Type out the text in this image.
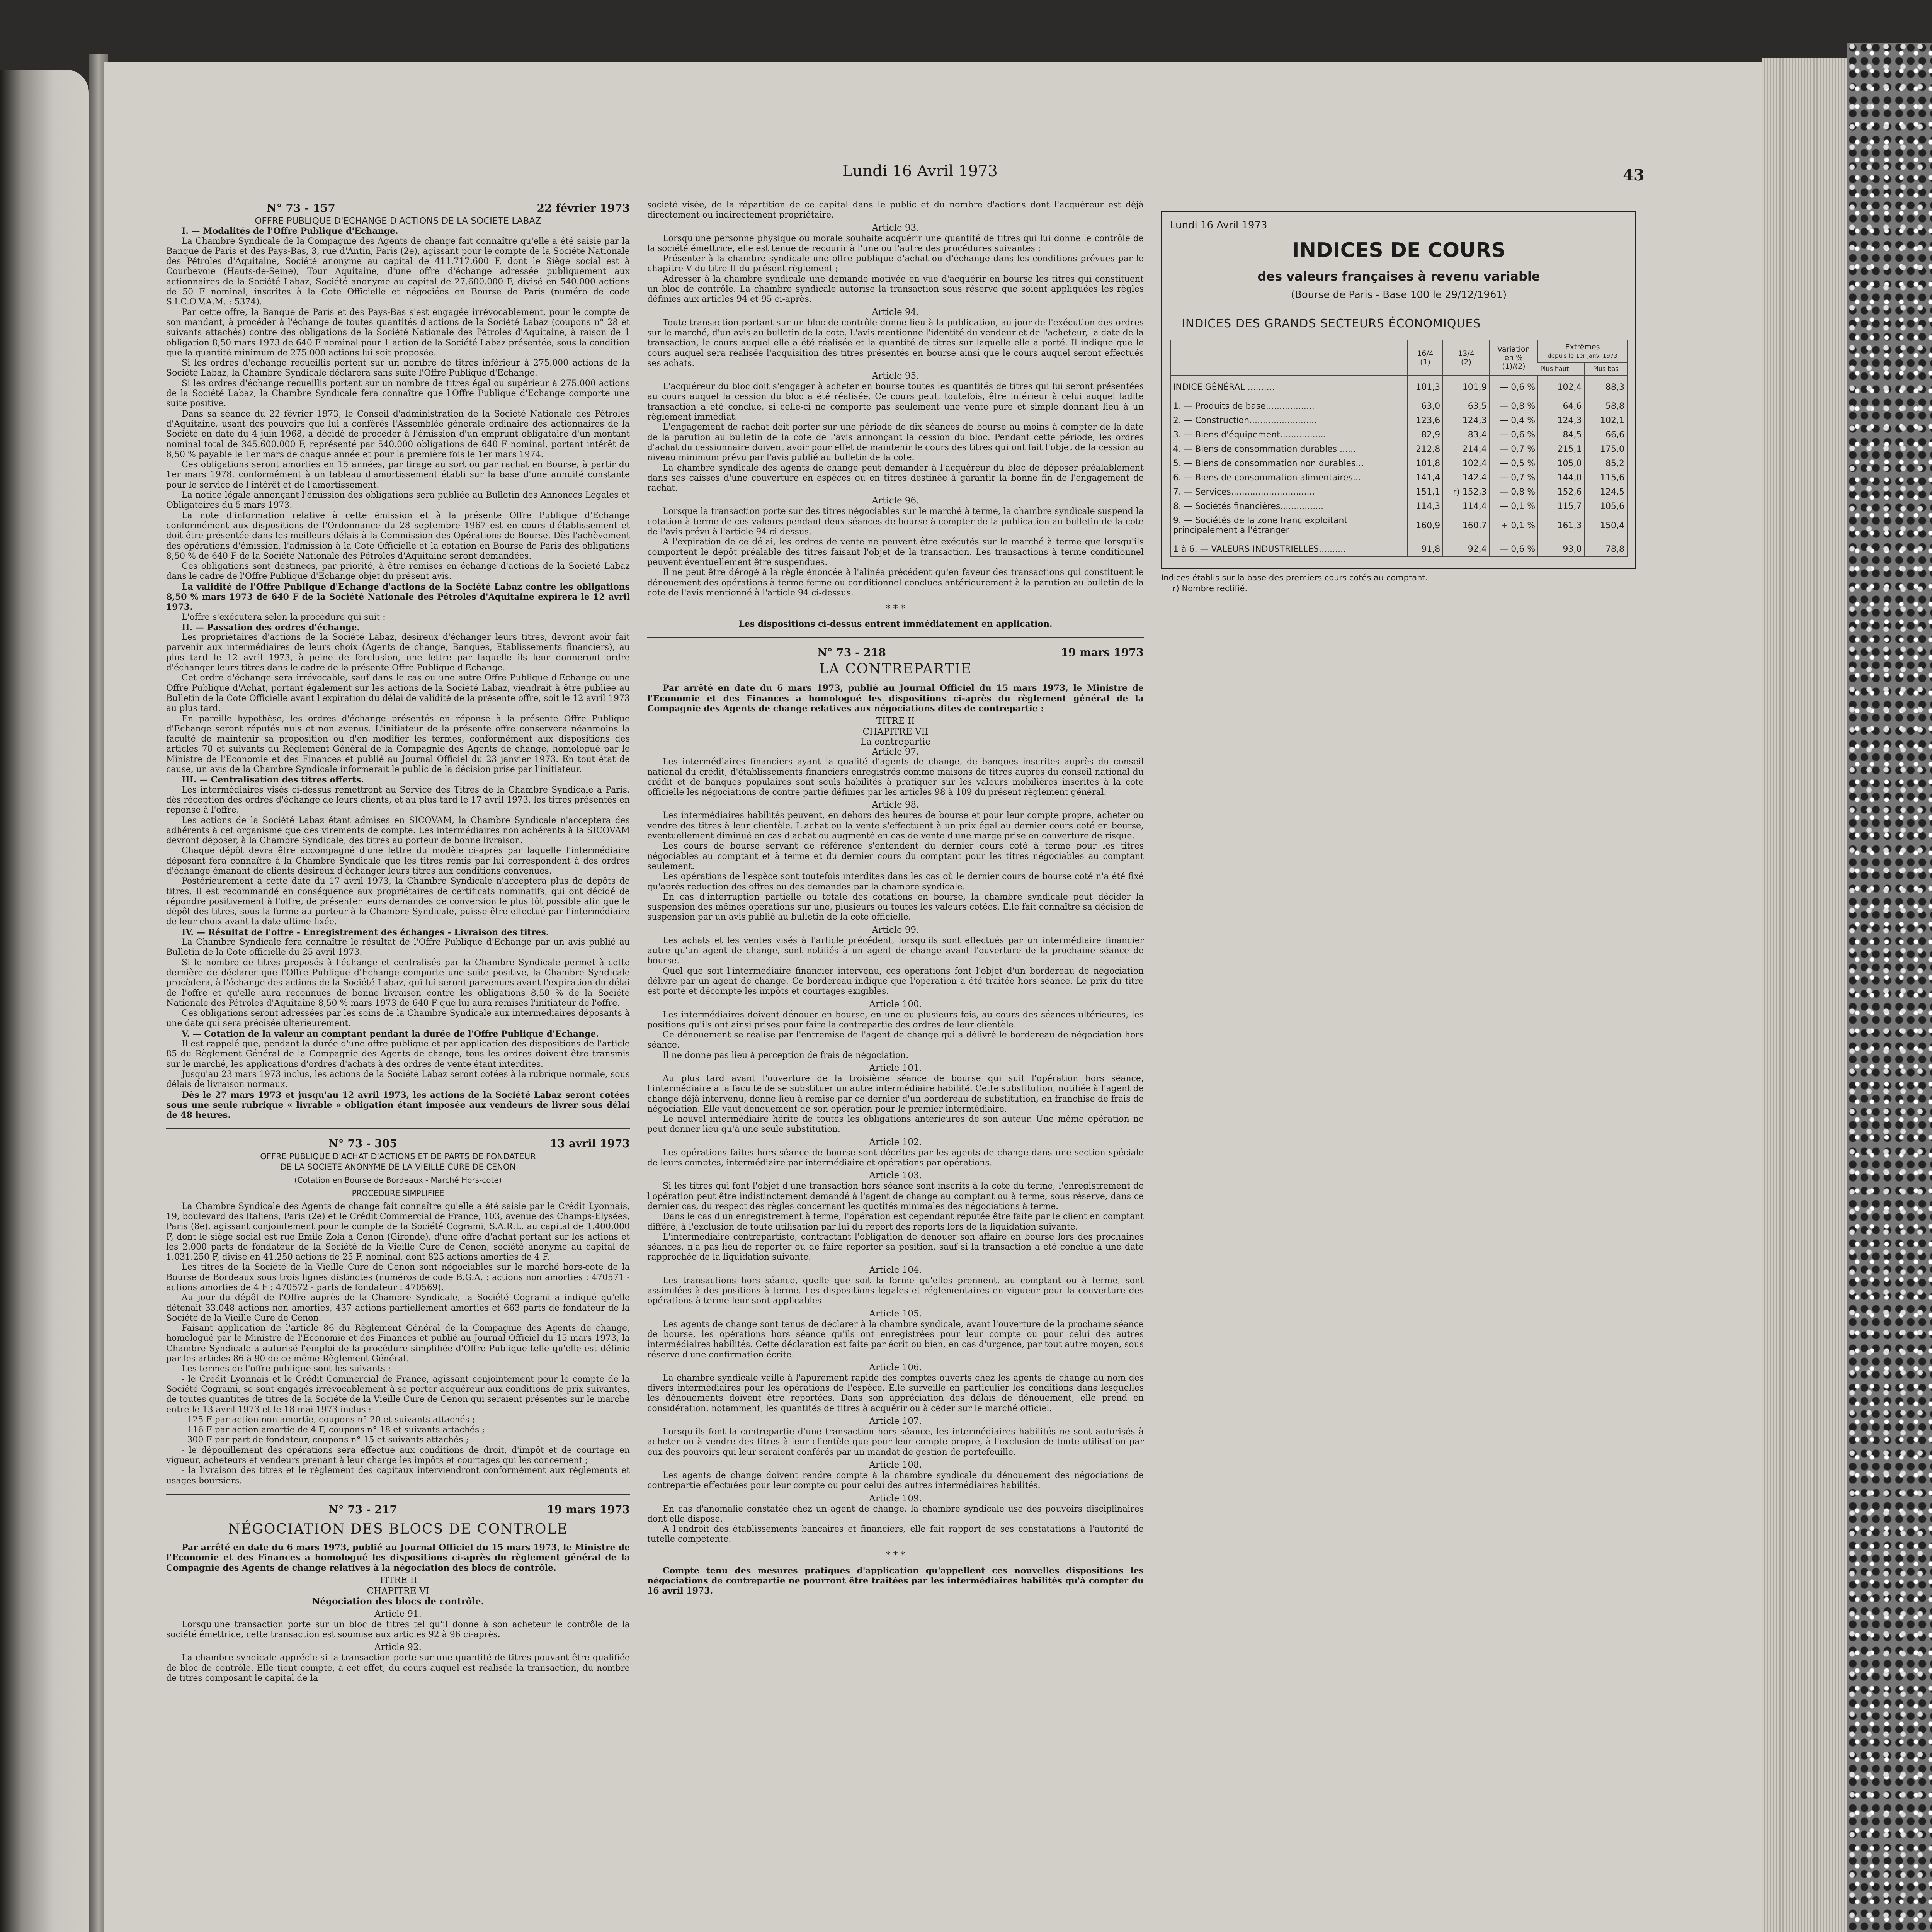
Lundi 16 Avril 1973	43
N° 73 - 157	22 février 1973

OFFRE PUBLIQUE D'ECHANGE D'ACTIONS DE LA SOCIETE LABAZ

I. — Modalités de l'Offre Publique d'Echange.

La Chambre Syndicale de la Compagnie des Agents de change fait connaître qu'elle a été saisie par la Banque de Paris et des Pays-Bas, 3, rue d'Antin, Paris (2e), agissant pour le compte de la Société Nationale des Pétroles d'Aquitaine, Société anonyme au capital de 411.717.600 F, dont le Siège social est à Courbevoie (Hauts-de-Seine), Tour Aquitaine, d'une offre d'échange adressée publiquement aux actionnaires de la Société Labaz, Société anonyme au capital de 27.600.000 F, divisé en 540.000 actions de 50 F nominal, inscrites à la Cote Officielle et négociées en Bourse de Paris (numéro de code S.I.C.O.V.A.M. : 5374).

Par cette offre, la Banque de Paris et des Pays-Bas s'est engagée irrévocablement, pour le compte de son mandant, à procéder à l'échange de toutes quantités d'actions de la Société Labaz (coupons n° 28 et suivants attachés) contre des obligations de la Société Nationale des Pétroles d'Aquitaine, à raison de 1 obligation 8,50 mars 1973 de 640 F nominal pour 1 action de la Société Labaz présentée, sous la condition que la quantité minimum de 275.000 actions lui soit proposée.

Si les ordres d'échange recueillis portent sur un nombre de titres inférieur à 275.000 actions de la Société Labaz, la Chambre Syndicale déclarera sans suite l'Offre Publique d'Echange.

Si les ordres d'échange recueillis portent sur un nombre de titres égal ou supérieur à 275.000 actions de la Société Labaz, la Chambre Syndicale fera connaître que l'Offre Publique d'Echange comporte une suite positive.

Dans sa séance du 22 février 1973, le Conseil d'administration de la Société Nationale des Pétroles d'Aquitaine, usant des pouvoirs que lui a conférés l'Assemblée générale ordinaire des actionnaires de la Société en date du 4 juin 1968, a décidé de procéder à l'émission d'un emprunt obligataire d'un montant nominal total de 345.600.000 F, représenté par 540.000 obligations de 640 F nominal, portant intérêt de 8,50 % payable le 1er mars de chaque année et pour la première fois le 1er mars 1974.

Ces obligations seront amorties en 15 années, par tirage au sort ou par rachat en Bourse, à partir du 1er mars 1978, conformément à un tableau d'amortissement établi sur la base d'une annuité constante pour le service de l'intérêt et de l'amortissement.

La notice légale annonçant l'émission des obligations sera publiée au Bulletin des Annonces Légales et Obligatoires du 5 mars 1973.

La note d'information relative à cette émission et à la présente Offre Publique d'Echange conformément aux dispositions de l'Ordonnance du 28 septembre 1967 est en cours d'établissement et doit être présentée dans les meilleurs délais à la Commission des Opérations de Bourse. Dès l'achèvement des opérations d'émission, l'admission à la Cote Officielle et la cotation en Bourse de Paris des obligations 8,50 % de 640 F de la Société Nationale des Pétroles d'Aquitaine seront demandées.

Ces obligations sont destinées, par priorité, à être remises en échange d'actions de la Société Labaz dans le cadre de l'Offre Publique d'Echange objet du présent avis.

La validité de l'Offre Publique d'Echange d'actions de la Société Labaz contre les obligations 8,50 % mars 1973 de 640 F de la Société Nationale des Pétroles d'Aquitaine expirera le 12 avril 1973.

L'offre s'exécutera selon la procédure qui suit :

II. — Passation des ordres d'échange.

Les propriétaires d'actions de la Société Labaz, désireux d'échanger leurs titres, devront avoir fait parvenir aux intermédiaires de leurs choix (Agents de change, Banques, Etablissements financiers), au plus tard le 12 avril 1973, à peine de forclusion, une lettre par laquelle ils leur donneront ordre d'échanger leurs titres dans le cadre de la présente Offre Publique d'Echange.

Cet ordre d'échange sera irrévocable, sauf dans le cas ou une autre Offre Publique d'Echange ou une Offre Publique d'Achat, portant également sur les actions de la Société Labaz, viendrait à être publiée au Bulletin de la Cote Officielle avant l'expiration du délai de validité de la présente offre, soit le 12 avril 1973 au plus tard.

En pareille hypothèse, les ordres d'échange présentés en réponse à la présente Offre Publique d'Echange seront réputés nuls et non avenus. L'initiateur de la présente offre conservera néanmoins la faculté de maintenir sa proposition ou d'en modifier les termes, conformément aux dispositions des articles 78 et suivants du Règlement Général de la Compagnie des Agents de change, homologué par le Ministre de l'Economie et des Finances et publié au Journal Officiel du 23 janvier 1973. En tout état de cause, un avis de la Chambre Syndicale informerait le public de la décision prise par l'initiateur.

III. — Centralisation des titres offerts.

Les intermédiaires visés ci-dessus remettront au Service des Titres de la Chambre Syndicale à Paris, dès réception des ordres d'échange de leurs clients, et au plus tard le 17 avril 1973, les titres présentés en réponse à l'offre.

Les actions de la Société Labaz étant admises en SICOVAM, la Chambre Syndicale n'acceptera des adhérents à cet organisme que des virements de compte. Les intermédiaires non adhérents à la SICOVAM devront déposer, à la Chambre Syndicale, des titres au porteur de bonne livraison.

Chaque dépôt devra être accompagné d'une lettre du modèle ci-après par laquelle l'intermédiaire déposant fera connaître à la Chambre Syndicale que les titres remis par lui correspondent à des ordres d'échange émanant de clients désireux d'échanger leurs titres aux conditions convenues.

Postérieurement à cette date du 17 avril 1973, la Chambre Syndicale n'acceptera plus de dépôts de titres. Il est recommandé en conséquence aux propriétaires de certificats nominatifs, qui ont décidé de répondre positivement à l'offre, de présenter leurs demandes de conversion le plus tôt possible afin que le dépôt des titres, sous la forme au porteur à la Chambre Syndicale, puisse être effectué par l'intermédiaire de leur choix avant la date ultime fixée.

IV. — Résultat de l'offre - Enregistrement des échanges - Livraison des titres.

La Chambre Syndicale fera connaître le résultat de l'Offre Publique d'Echange par un avis publié au Bulletin de la Cote officielle du 25 avril 1973.

Si le nombre de titres proposés à l'échange et centralisés par la Chambre Syndicale permet à cette dernière de déclarer que l'Offre Publique d'Echange comporte une suite positive, la Chambre Syndicale procèdera, à l'échange des actions de la Société Labaz, qui lui seront parvenues avant l'expiration du délai de l'offre et qu'elle aura reconnues de bonne livraison contre les obligations 8,50 % de la Société Nationale des Pétroles d'Aquitaine 8,50 % mars 1973 de 640 F que lui aura remises l'initiateur de l'offre.

Ces obligations seront adressées par les soins de la Chambre Syndicale aux intermédiaires déposants à une date qui sera précisée ultérieurement.

V. — Cotation de la valeur au comptant pendant la durée de l'Offre Publique d'Echange.

Il est rappelé que, pendant la durée d'une offre publique et par application des dispositions de l'article 85 du Règlement Général de la Compagnie des Agents de change, tous les ordres doivent être transmis sur le marché, les applications d'ordres d'achats à des ordres de vente étant interdites.

Jusqu'au 23 mars 1973 inclus, les actions de la Société Labaz seront cotées à la rubrique normale, sous délais de livraison normaux.

Dès le 27 mars 1973 et jusqu'au 12 avril 1973, les actions de la Société Labaz seront cotées sous une seule rubrique « livrable » obligation étant imposée aux vendeurs de livrer sous délai de 48 heures.

N° 73 - 305	13 avril 1973

OFFRE PUBLIQUE D'ACHAT D'ACTIONS ET DE PARTS DE FONDATEUR

DE LA SOCIETE ANONYME DE LA VIEILLE CURE DE CENON

(Cotation en Bourse de Bordeaux - Marché Hors-cote)

PROCEDURE SIMPLIFIEE

La Chambre Syndicale des Agents de change fait connaître qu'elle a été saisie par le Crédit Lyonnais, 19, boulevard des Italiens, Paris (2e) et le Crédit Commercial de France, 103, avenue des Champs-Elysées, Paris (8e), agissant conjointement pour le compte de la Société Cogrami, S.A.R.L. au capital de 1.400.000 F, dont le siège social est rue Emile Zola à Cenon (Gironde), d'une offre d'achat portant sur les actions et les 2.000 parts de fondateur de la Société de la Vieille Cure de Cenon, société anonyme au capital de 1.031.250 F, divisé en 41.250 actions de 25 F, nominal, dont 825 actions amorties de 4 F.

Les titres de la Société de la Vieille Cure de Cenon sont négociables sur le marché hors-cote de la Bourse de Bordeaux sous trois lignes distinctes (numéros de code B.G.A. : actions non amorties : 470571 - actions amorties de 4 F : 470572 - parts de fondateur : 470569).

Au jour du dépôt de l'Offre auprès de la Chambre Syndicale, la Société Cogrami a indiqué qu'elle détenait 33.048 actions non amorties, 437 actions partiellement amorties et 663 parts de fondateur de la Société de la Vieille Cure de Cenon.

Faisant application de l'article 86 du Règlement Général de la Compagnie des Agents de change, homologué par le Ministre de l'Economie et des Finances et publié au Journal Officiel du 15 mars 1973, la Chambre Syndicale a autorisé l'emploi de la procédure simplifiée d'Offre Publique telle qu'elle est définie par les articles 86 à 90 de ce même Règlement Général.

Les termes de l'offre publique sont les suivants :

- le Crédit Lyonnais et le Crédit Commercial de France, agissant conjointement pour le compte de la Société Cogrami, se sont engagés irrévocablement à se porter acquéreur aux conditions de prix suivantes, de toutes quantités de titres de la Société de la Vieille Cure de Cenon qui seraient présentés sur le marché entre le 13 avril 1973 et le 18 mai 1973 inclus :

- 125 F par action non amortie, coupons n° 20 et suivants attachés ;

- 116 F par action amortie de 4 F, coupons n° 18 et suivants attachés ;

- 300 F par part de fondateur, coupons n° 15 et suivants attachés ;

- le dépouillement des opérations sera effectué aux conditions de droit, d'impôt et de courtage en vigueur, acheteurs et vendeurs prenant à leur charge les impôts et courtages qui les concernent ;

- la livraison des titres et le règlement des capitaux interviendront conformément aux règlements et usages boursiers.

N° 73 - 217	19 mars 1973
NÉGOCIATION DES BLOCS DE CONTROLE

Par arrêté en date du 6 mars 1973, publié au Journal Officiel du 15 mars 1973, le Ministre de l'Economie et des Finances a homologué les dispositions ci-après du règlement général de la Compagnie des Agents de change relatives à la négociation des blocs de contrôle.

TITRE II
CHAPITRE VI
Négociation des blocs de contrôle.
Article 91.

Lorsqu'une transaction porte sur un bloc de titres tel qu'il donne à son acheteur le contrôle de la société émettrice, cette transaction est soumise aux articles 92 à 96 ci-après.

Article 92.

La chambre syndicale apprécie si la transaction porte sur une quantité de titres pouvant être qualifiée de bloc de contrôle. Elle tient compte, à cet effet, du cours auquel est réalisée la transaction, du nombre de titres composant le capital de la

société visée, de la répartition de ce capital dans le public et du nombre d'actions dont l'acquéreur est déjà directement ou indirectement propriétaire.

Article 93.

Lorsqu'une personne physique ou morale souhaite acquérir une quantité de titres qui lui donne le contrôle de la société émettrice, elle est tenue de recourir à l'une ou l'autre des procédures suivantes :

Présenter à la chambre syndicale une offre publique d'achat ou d'échange dans les conditions prévues par le chapitre V du titre II du présent règlement ;

Adresser à la chambre syndicale une demande motivée en vue d'acquérir en bourse les titres qui constituent un bloc de contrôle. La chambre syndicale autorise la transaction sous réserve que soient appliquées les règles définies aux articles 94 et 95 ci-après.

Article 94.

Toute transaction portant sur un bloc de contrôle donne lieu à la publication, au jour de l'exécution des ordres sur le marché, d'un avis au bulletin de la cote. L'avis mentionne l'identité du vendeur et de l'acheteur, la date de la transaction, le cours auquel elle a été réalisée et la quantité de titres sur laquelle elle a porté. Il indique que le cours auquel sera réalisée l'acquisition des titres présentés en bourse ainsi que le cours auquel seront effectués ses achats.

Article 95.

L'acquéreur du bloc doit s'engager à acheter en bourse toutes les quantités de titres qui lui seront présentées au cours auquel la cession du bloc a été réalisée. Ce cours peut, toutefois, être inférieur à celui auquel ladite transaction a été conclue, si celle-ci ne comporte pas seulement une vente pure et simple donnant lieu à un règlement immédiat.

L'engagement de rachat doit porter sur une période de dix séances de bourse au moins à compter de la date de la parution au bulletin de la cote de l'avis annonçant la cession du bloc. Pendant cette période, les ordres d'achat du cessionnaire doivent avoir pour effet de maintenir le cours des titres qui ont fait l'objet de la cession au niveau minimum prévu par l'avis publié au bulletin de la cote.

La chambre syndicale des agents de change peut demander à l'acquéreur du bloc de déposer préalablement dans ses caisses d'une couverture en espèces ou en titres destinée à garantir la bonne fin de l'engagement de rachat.

Article 96.

Lorsque la transaction porte sur des titres négociables sur le marché à terme, la chambre syndicale suspend la cotation à terme de ces valeurs pendant deux séances de bourse à compter de la publication au bulletin de la cote de l'avis prévu à l'article 94 ci-dessus.

A l'expiration de ce délai, les ordres de vente ne peuvent être exécutés sur le marché à terme que lorsqu'ils comportent le dépôt préalable des titres faisant l'objet de la transaction. Les transactions à terme conditionnel peuvent éventuellement être suspendues.

Il ne peut être dérogé à la règle énoncée à l'alinéa précédent qu'en faveur des transactions qui constituent le dénouement des opérations à terme ferme ou conditionnel conclues antérieurement à la parution au bulletin de la cote de l'avis mentionné à l'article 94 ci-dessus.

* * *

Les dispositions ci-dessus entrent immédiatement en application.

N° 73 - 218	19 mars 1973
LA CONTREPARTIE

Par arrêté en date du 6 mars 1973, publié au Journal Officiel du 15 mars 1973, le Ministre de l'Economie et des Finances a homologué les dispositions ci-après du règlement général de la Compagnie des Agents de change relatives aux négociations dites de contrepartie :

TITRE II
CHAPITRE VII
La contrepartie
Article 97.

Les intermédiaires financiers ayant la qualité d'agents de change, de banques inscrites auprès du conseil national du crédit, d'établissements financiers enregistrés comme maisons de titres auprès du conseil national du crédit et de banques populaires sont seuls habilités à pratiquer sur les valeurs mobilières inscrites à la cote officielle les négociations de contre partie définies par les articles 98 à 109 du présent règlement général.

Article 98.

Les intermédiaires habilités peuvent, en dehors des heures de bourse et pour leur compte propre, acheter ou vendre des titres à leur clientèle. L'achat ou la vente s'effectuent à un prix égal au dernier cours coté en bourse, éventuellement diminué en cas d'achat ou augmenté en cas de vente d'une marge prise en couverture de risque.

Les cours de bourse servant de référence s'entendent du dernier cours coté à terme pour les titres négociables au comptant et à terme et du dernier cours du comptant pour les titres négociables au comptant seulement.

Les opérations de l'espèce sont toutefois interdites dans les cas où le dernier cours de bourse coté n'a été fixé qu'après réduction des offres ou des demandes par la chambre syndicale.

En cas d'interruption partielle ou totale des cotations en bourse, la chambre syndicale peut décider la suspension des mêmes opérations sur une, plusieurs ou toutes les valeurs cotées. Elle fait connaître sa décision de suspension par un avis publié au bulletin de la cote officielle.

Article 99.

Les achats et les ventes visés à l'article précédent, lorsqu'ils sont effectués par un intermédiaire financier autre qu'un agent de change, sont notifiés à un agent de change avant l'ouverture de la prochaine séance de bourse.

Quel que soit l'intermédiaire financier intervenu, ces opérations font l'objet d'un bordereau de négociation délivré par un agent de change. Ce bordereau indique que l'opération a été traitée hors séance. Le prix du titre est porté et décompte les impôts et courtages exigibles.

Article 100.

Les intermédiaires doivent dénouer en bourse, en une ou plusieurs fois, au cours des séances ultérieures, les positions qu'ils ont ainsi prises pour faire la contrepartie des ordres de leur clientèle.

Ce dénouement se réalise par l'entremise de l'agent de change qui a délivré le bordereau de négociation hors séance.

Il ne donne pas lieu à perception de frais de négociation.

Article 101.

Au plus tard avant l'ouverture de la troisième séance de bourse qui suit l'opération hors séance, l'intermédiaire a la faculté de se substituer un autre intermédiaire habilité. Cette substitution, notifiée à l'agent de change déjà intervenu, donne lieu à remise par ce dernier d'un bordereau de substitution, en franchise de frais de négociation. Elle vaut dénouement de son opération pour le premier intermédiaire.

Le nouvel intermédiaire hérite de toutes les obligations antérieures de son auteur. Une même opération ne peut donner lieu qu'à une seule substitution.

Article 102.

Les opérations faites hors séance de bourse sont décrites par les agents de change dans une section spéciale de leurs comptes, intermédiaire par intermédiaire et opérations par opérations.

Article 103.

Si les titres qui font l'objet d'une transaction hors séance sont inscrits à la cote du terme, l'enregistrement de l'opération peut être indistinctement demandé à l'agent de change au comptant ou à terme, sous réserve, dans ce dernier cas, du respect des règles concernant les quotités minimales des négociations à terme.

Dans le cas d'un enregistrement à terme, l'opération est cependant réputée être faite par le client en comptant différé, à l'exclusion de toute utilisation par lui du report des reports lors de la liquidation suivante.

L'intermédiaire contrepartiste, contractant l'obligation de dénouer son affaire en bourse lors des prochaines séances, n'a pas lieu de reporter ou de faire reporter sa position, sauf si la transaction a été conclue à une date rapprochée de la liquidation suivante.

Article 104.

Les transactions hors séance, quelle que soit la forme qu'elles prennent, au comptant ou à terme, sont assimilées à des positions à terme. Les dispositions légales et réglementaires en vigueur pour la couverture des opérations à terme leur sont applicables.

Article 105.

Les agents de change sont tenus de déclarer à la chambre syndicale, avant l'ouverture de la prochaine séance de bourse, les opérations hors séance qu'ils ont enregistrées pour leur compte ou pour celui des autres intermédiaires habilités. Cette déclaration est faite par écrit ou bien, en cas d'urgence, par tout autre moyen, sous réserve d'une confirmation écrite.

Article 106.

La chambre syndicale veille à l'apurement rapide des comptes ouverts chez les agents de change au nom des divers intermédiaires pour les opérations de l'espèce. Elle surveille en particulier les conditions dans lesquelles les dénouements doivent être reportées. Dans son appréciation des délais de dénouement, elle prend en considération, notamment, les quantités de titres à acquérir ou à céder sur le marché officiel.

Article 107.

Lorsqu'ils font la contrepartie d'une transaction hors séance, les intermédiaires habilités ne sont autorisés à acheter ou à vendre des titres à leur clientèle que pour leur compte propre, à l'exclusion de toute utilisation par eux des pouvoirs qui leur seraient conférés par un mandat de gestion de portefeuille.

Article 108.

Les agents de change doivent rendre compte à la chambre syndicale du dénouement des négociations de contrepartie effectuées pour leur compte ou pour celui des autres intermédiaires habilités.

Article 109.

En cas d'anomalie constatée chez un agent de change, la chambre syndicale use des pouvoirs disciplinaires dont elle dispose.

A l'endroit des établissements bancaires et financiers, elle fait rapport de ses constatations à l'autorité de tutelle compétente.

* * *

Compte tenu des mesures pratiques d'application qu'appellent ces nouvelles dispositions les négociations de contrepartie ne pourront être traitées par les intermédiaires habilités qu'à compter du 16 avril 1973.

Lundi 16 Avril 1973
INDICES DE COURS
des valeurs françaises à revenu variable
(Bourse de Paris - Base 100 le 29/12/1961)
INDICES DES GRANDS SECTEURS ÉCONOMIQUES
	16/4
(1)	13/4
(2)	Variation
en %
(1)/(2)	Extrêmes
depuis le 1er janv. 1973	
				Plus haut	Plus bas
INDICE GÉNÉRAL ..........	101,3	101,9	— 0,6 %	102,4	88,3
1. — Produits de base..................	63,0	63,5	— 0,8 %	64,6	58,8
2. — Construction.........................	123,6	124,3	— 0,4 %	124,3	102,1
3. — Biens d'équipement.................	82,9	83,4	— 0,6 %	84,5	66,6
4. — Biens de consommation durables ......	212,8	214,4	— 0,7 %	215,1	175,0
5. — Biens de consommation non durables...	101,8	102,4	— 0,5 %	105,0	85,2
6. — Biens de consommation alimentaires...	141,4	142,4	— 0,7 %	144,0	115,6
7. — Services...............................	151,1	r) 152,3	— 0,8 %	152,6	124,5
8. — Sociétés financières................	114,3	114,4	— 0,1 %	115,7	105,6
9. — Sociétés de la zone franc exploitant principalement à l'étranger	160,9	160,7	+ 0,1 %	161,3	150,4
1 à 6. — VALEURS INDUSTRIELLES..........	91,8	92,4	— 0,6 %	93,0	78,8
Indices établis sur la base des premiers cours cotés au comptant.
r) Nombre rectifié.
